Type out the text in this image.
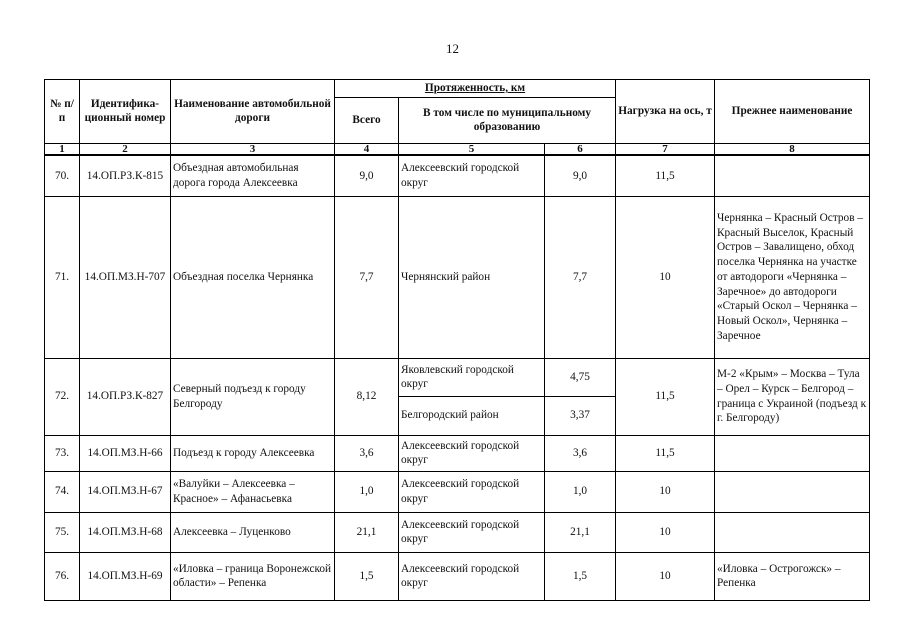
12
№ п/п	Идентифика-ционный номер	Наименование автомобильной дороги	Протяженность, км			Нагрузка на ось, т	Прежнее наименование
			Всего	В том числе по муниципальному образованию			
1	2	3	4	5	6	7	8
70.	14.ОП.РЗ.К-815	Объездная автомобильная дорога города Алексеевка	9,0	Алексеевский городской округ	9,0	11,5	
71.	14.ОП.МЗ.Н-707	Объездная поселка Чернянка	7,7	Чернянский район	7,7	10	Чернянка – Красный Остров – Красный Выселок, Красный Остров – Завалищено, обход поселка Чернянка на участке от автодороги «Чернянка – Заречное» до автодороги «Старый Оскол – Чернянка – Новый Оскол», Чернянка – Заречное
72.	14.ОП.РЗ.К-827	Северный подъезд к городу Белгороду	8,12	Яковлевский городской округ	4,75	11,5	М-2 «Крым» – Москва – Тула – Орел – Курск – Белгород – граница с Украиной (подъезд к г. Белгороду)
				Белгородский район	3,37		
73.	14.ОП.МЗ.Н-66	Подъезд к городу Алексеевка	3,6	Алексеевский городской округ	3,6	11,5	
74.	14.ОП.МЗ.Н-67	«Валуйки – Алексеевка – Красное» – Афанасьевка	1,0	Алексеевский городской округ	1,0	10	
75.	14.ОП.МЗ.Н-68	Алексеевка – Луценково	21,1	Алексеевский городской округ	21,1	10	
76.	14.ОП.МЗ.Н-69	«Иловка – граница Воронежской области» – Репенка	1,5	Алексеевский городской округ	1,5	10	«Иловка – Острогожск» – Репенка
